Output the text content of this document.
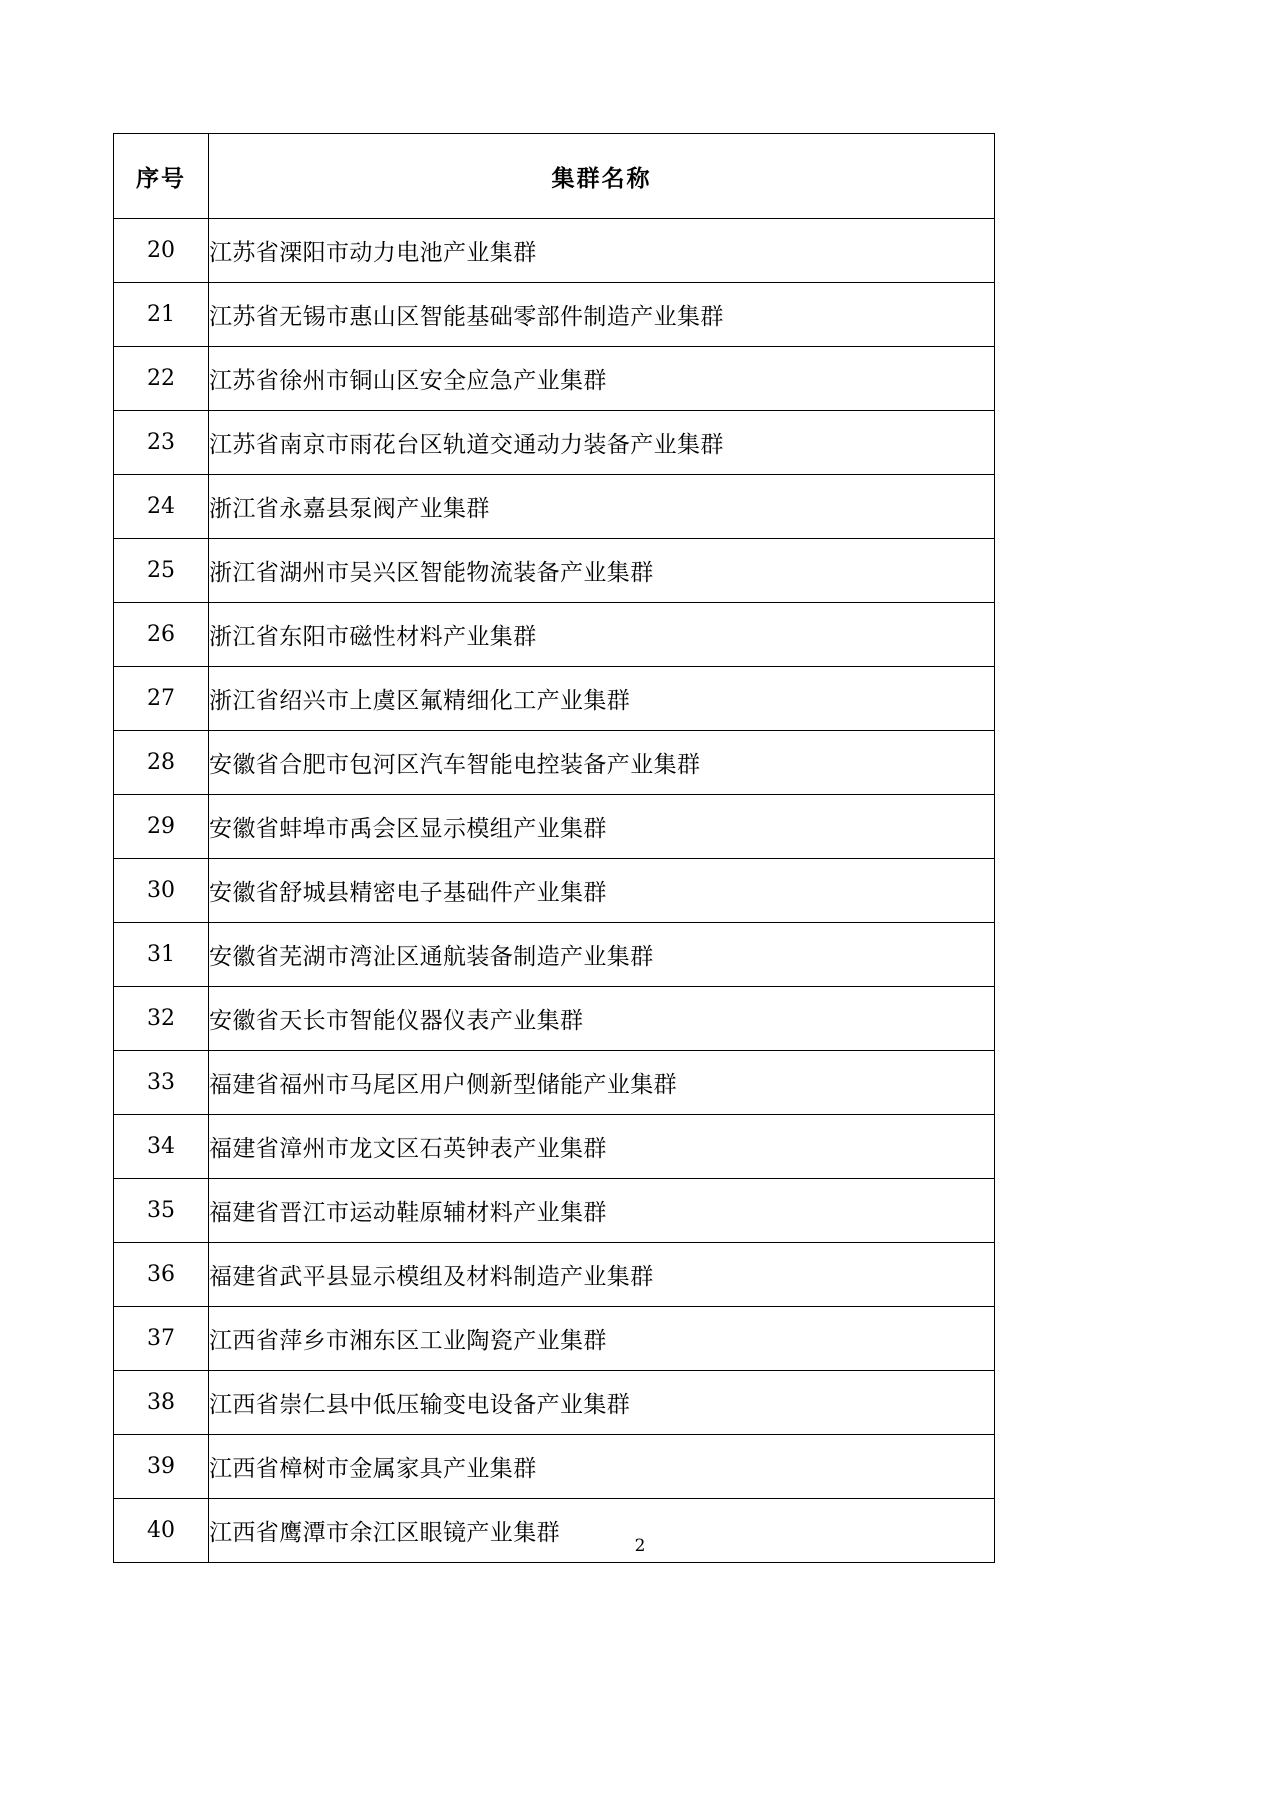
序号	集群名称
20	江苏省溧阳市动力电池产业集群
21	江苏省无锡市惠山区智能基础零部件制造产业集群
22	江苏省徐州市铜山区安全应急产业集群
23	江苏省南京市雨花台区轨道交通动力装备产业集群
24	浙江省永嘉县泵阀产业集群
25	浙江省湖州市吴兴区智能物流装备产业集群
26	浙江省东阳市磁性材料产业集群
27	浙江省绍兴市上虞区氟精细化工产业集群
28	安徽省合肥市包河区汽车智能电控装备产业集群
29	安徽省蚌埠市禹会区显示模组产业集群
30	安徽省舒城县精密电子基础件产业集群
31	安徽省芜湖市湾沚区通航装备制造产业集群
32	安徽省天长市智能仪器仪表产业集群
33	福建省福州市马尾区用户侧新型储能产业集群
34	福建省漳州市龙文区石英钟表产业集群
35	福建省晋江市运动鞋原辅材料产业集群
36	福建省武平县显示模组及材料制造产业集群
37	江西省萍乡市湘东区工业陶瓷产业集群
38	江西省崇仁县中低压输变电设备产业集群
39	江西省樟树市金属家具产业集群
40	江西省鹰潭市余江区眼镜产业集群	2
